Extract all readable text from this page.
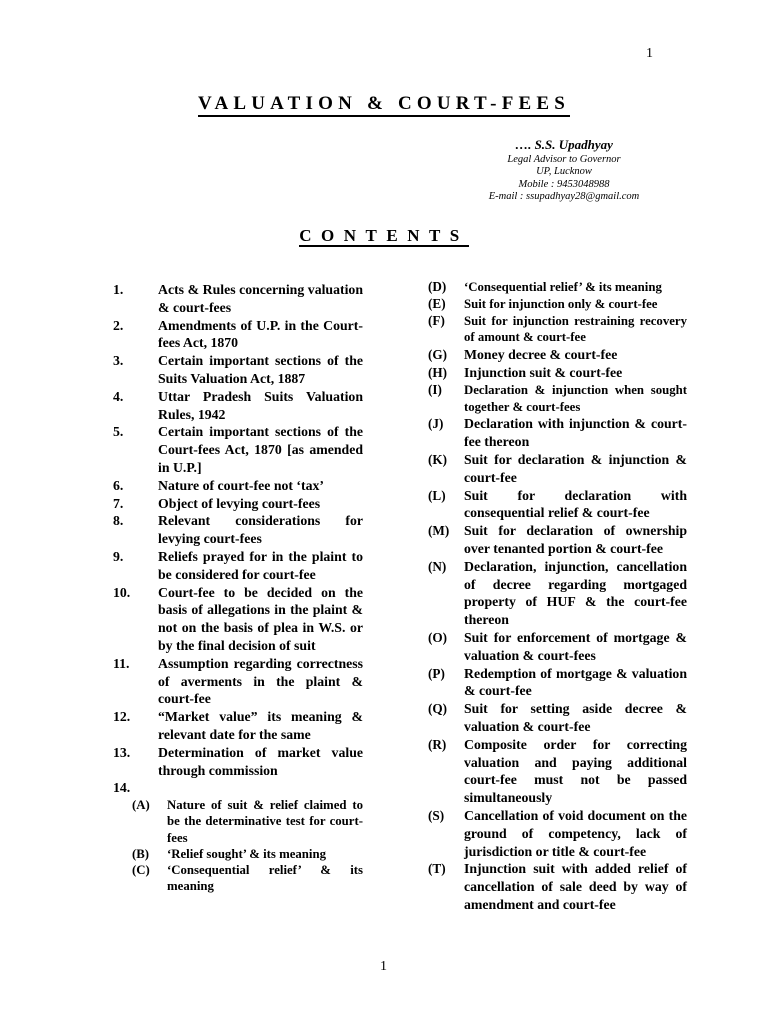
1
VALUATION & COURT-FEES
…. S.S. Upadhyay
Legal Advisor to Governor
UP, Lucknow
Mobile : 9453048988
E-mail : ssupadhyay28@gmail.com
CONTENTS
1.	Acts & Rules concerning valuation & court-fees
2.	Amendments of U.P. in the Court-fees Act, 1870
3.	Certain important sections of the Suits Valuation Act, 1887
4.	Uttar Pradesh Suits Valuation Rules, 1942
5.	Certain important sections of the Court-fees Act, 1870 [as amended in U.P.]
6.	Nature of court-fee not ‘tax’
7.	Object of levying court-fees
8.	Relevant considerations for levying court-fees
9.	Reliefs prayed for in the plaint to be considered for court-fee
10.	Court-fee to be decided on the basis of allegations in the plaint & not on the basis of plea in W.S. or by the final decision of suit
11.	Assumption regarding correctness of averments in the plaint & court-fee
12.	“Market value” its meaning & relevant date for the same
13.	Determination of market value through commission
14.
(A)	Nature of suit & relief claimed to be the determinative test for court-fees
(B)	‘Relief sought’ & its meaning
(C)	‘Consequential relief’ & its meaning
(D)	‘Consequential relief’ & its meaning
(E)	Suit for injunction only & court-fee
(F)	Suit for injunction restraining recovery of amount & court-fee
(G)	Money decree & court-fee
(H)	Injunction suit & court-fee
(I)	Declaration & injunction when sought together & court-fees
(J)	Declaration with injunction & court-fee thereon
(K)	Suit for declaration & injunction & court-fee
(L)	Suit for declaration with consequential relief & court-fee
(M)	Suit for declaration of ownership over tenanted portion & court-fee
(N)	Declaration, injunction, cancellation of decree regarding mortgaged property of HUF & the court-fee thereon
(O)	Suit for enforcement of mortgage & valuation & court-fees
(P)	Redemption of mortgage & valuation & court-fee
(Q)	Suit for setting aside decree & valuation & court-fee
(R)	Composite order for correcting valuation and paying additional court-fee must not be passed simultaneously
(S)	Cancellation of void document on the ground of competency, lack of jurisdiction or title & court-fee
(T)	Injunction suit with added relief of cancellation of sale deed by way of amendment and court-fee
1
